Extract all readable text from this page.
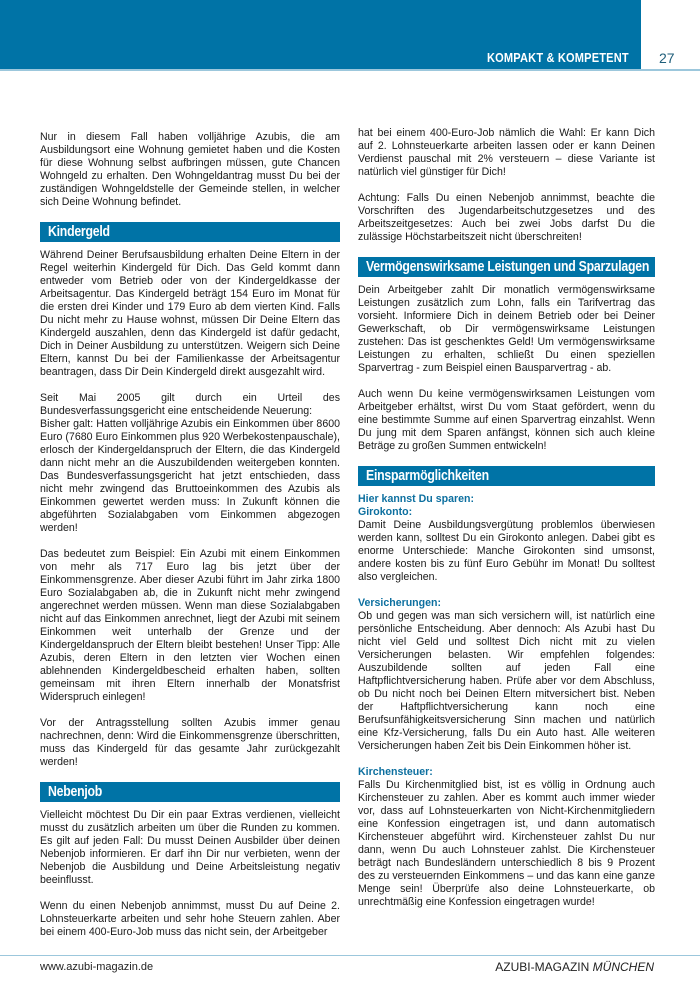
KOMPAKT & KOMPETENT 27

Nur in diesem Fall haben volljährige Azubis, die am Ausbildungsort eine Wohnung gemietet haben und die Kosten für diese Wohnung selbst aufbringen müssen, gute Chancen Wohngeld zu erhalten. Den Wohngeldantrag musst Du bei der zuständigen Wohngeldstelle der Gemeinde stellen, in welcher sich Deine Wohnung befindet.

Kindergeld

Während Deiner Berufsausbildung erhalten Deine Eltern in der Regel weiterhin Kindergeld für Dich. Das Geld kommt dann entweder vom Betrieb oder von der Kindergeldkasse der Arbeitsagentur. Das Kindergeld beträgt 154 Euro im Monat für die ersten drei Kinder und 179 Euro ab dem vierten Kind. Falls Du nicht mehr zu Hause wohnst, müssen Dir Deine Eltern das Kindergeld auszahlen, denn das Kindergeld ist dafür gedacht, Dich in Deiner Ausbildung zu unterstützen. Weigern sich Deine Eltern, kannst Du bei der Familienkasse der Arbeitsagentur beantragen, dass Dir Dein Kindergeld direkt ausgezahlt wird.

Seit Mai 2005 gilt durch ein Urteil des Bundesverfassungsgericht eine entscheidende Neuerung:

Bisher galt: Hatten volljährige Azubis ein Einkommen über 8600 Euro (7680 Euro Einkommen plus 920 Werbekostenpauschale), erlosch der Kindergeldanspruch der Eltern, die das Kindergeld dann nicht mehr an die Auszubildenden weitergeben konnten. Das Bundesverfassungsgericht hat jetzt entschieden, dass nicht mehr zwingend das Bruttoeinkommen des Azubis als Einkommen gewertet werden muss: In Zukunft können die abgeführten Sozialabgaben vom Einkommen abgezogen werden!

Das bedeutet zum Beispiel: Ein Azubi mit einem Einkommen von mehr als 717 Euro lag bis jetzt über der Einkommensgrenze. Aber dieser Azubi führt im Jahr zirka 1800 Euro Sozialabgaben ab, die in Zukunft nicht mehr zwingend angerechnet werden müssen. Wenn man diese Sozialabgaben nicht auf das Einkommen anrechnet, liegt der Azubi mit seinem Einkommen weit unterhalb der Grenze und der Kindergeldanspruch der Eltern bleibt bestehen! Unser Tipp: Alle Azubis, deren Eltern in den letzten vier Wochen einen ablehnenden Kindergeldbescheid erhalten haben, sollten gemeinsam mit ihren Eltern innerhalb der Monatsfrist Widerspruch einlegen!

Vor der Antragsstellung sollten Azubis immer genau nachrechnen, denn: Wird die Einkommensgrenze überschritten, muss das Kindergeld für das gesamte Jahr zurückgezahlt werden!

Nebenjob

Vielleicht möchtest Du Dir ein paar Extras verdienen, vielleicht musst du zusätzlich arbeiten um über die Runden zu kommen. Es gilt auf jeden Fall: Du musst Deinen Ausbilder über deinen Nebenjob informieren. Er darf ihn Dir nur verbieten, wenn der Nebenjob die Ausbildung und Deine Arbeitsleistung negativ beeinflusst.

Wenn du einen Nebenjob annimmst, musst Du auf Deine 2. Lohnsteuerkarte arbeiten und sehr hohe Steuern zahlen. Aber bei einem 400-Euro-Job muss das nicht sein, der Arbeitgeber

hat bei einem 400-Euro-Job nämlich die Wahl: Er kann Dich auf 2. Lohnsteuerkarte arbeiten lassen oder er kann Deinen Verdienst pauschal mit 2% versteuern – diese Variante ist natürlich viel günstiger für Dich!

Achtung: Falls Du einen Nebenjob annimmst, beachte die Vorschriften des Jugendarbeitschutzgesetzes und des Arbeitszeitgesetzes: Auch bei zwei Jobs darfst Du die zulässige Höchstarbeitszeit nicht überschreiten!

Vermögenswirksame Leistungen und Sparzulagen

Dein Arbeitgeber zahlt Dir monatlich vermögenswirksame Leistungen zusätzlich zum Lohn, falls ein Tarifvertrag das vorsieht. Informiere Dich in deinem Betrieb oder bei Deiner Gewerkschaft, ob Dir vermögenswirksame Leistungen zustehen: Das ist geschenktes Geld! Um vermögenswirksame Leistungen zu erhalten, schließt Du einen speziellen Sparvertrag - zum Beispiel einen Bausparvertrag - ab.

Auch wenn Du keine vermögenswirksamen Leistungen vom Arbeitgeber erhältst, wirst Du vom Staat gefördert, wenn du eine bestimmte Summe auf einen Sparvertrag einzahlst. Wenn Du jung mit dem Sparen anfängst, können sich auch kleine Beträge zu großen Summen entwickeln!

Einsparmöglichkeiten

Hier kannst Du sparen:

Girokonto:

Damit Deine Ausbildungsvergütung problemlos überwiesen werden kann, solltest Du ein Girokonto anlegen. Dabei gibt es enorme Unterschiede: Manche Girokonten sind umsonst, andere kosten bis zu fünf Euro Gebühr im Monat! Du solltest also vergleichen.

Versicherungen:

Ob und gegen was man sich versichern will, ist natürlich eine persönliche Entscheidung. Aber dennoch: Als Azubi hast Du nicht viel Geld und solltest Dich nicht mit zu vielen Versicherungen belasten. Wir empfehlen folgendes: Auszubildende sollten auf jeden Fall eine Haftpflichtversicherung haben. Prüfe aber vor dem Abschluss, ob Du nicht noch bei Deinen Eltern mitversichert bist. Neben der Haftpflichtversicherung kann noch eine Berufsunfähigkeitsversicherung Sinn machen und natürlich eine Kfz-Versicherung, falls Du ein Auto hast. Alle weiteren Versicherungen haben Zeit bis Dein Einkommen höher ist.

Kirchensteuer:

Falls Du Kirchenmitglied bist, ist es völlig in Ordnung auch Kirchensteuer zu zahlen. Aber es kommt auch immer wieder vor, dass auf Lohnsteuerkarten von Nicht-Kirchenmitgliedern eine Konfession eingetragen ist, und dann automatisch Kirchensteuer abgeführt wird. Kirchensteuer zahlst Du nur dann, wenn Du auch Lohnsteuer zahlst. Die Kirchensteuer beträgt nach Bundesländern unterschiedlich 8 bis 9 Prozent des zu versteuernden Einkommens – und das kann eine ganze Menge sein! Überprüfe also deine Lohnsteuerkarte, ob unrechtmäßig eine Konfession eingetragen wurde!

www.azubi-magazin.de	AZUBI-MAGAZIN MÜNCHEN
